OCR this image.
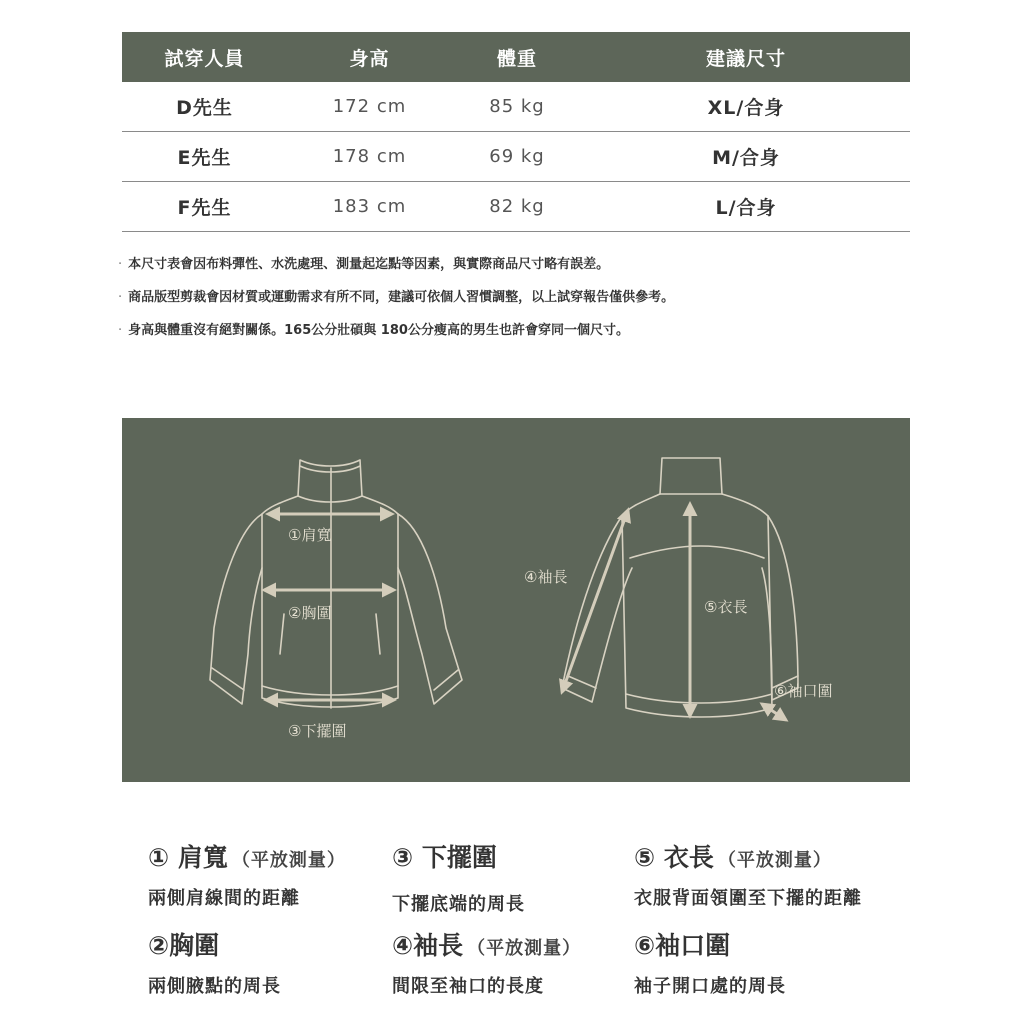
試穿人員	身高	體重	建議尺寸
D先生	172 cm	85 kg	XL/合身
E先生	178 cm	69 kg	M/合身
F先生	183 cm	82 kg	L/合身
· 本尺寸表會因布料彈性、水洗處理、測量起迄點等因素，與實際商品尺寸略有誤差。
· 商品版型剪裁會因材質或運動需求有所不同，建議可依個人習慣調整，以上試穿報告僅供參考。
· 身高與體重沒有絕對關係。165公分壯碩與 180公分瘦高的男生也許會穿同一個尺寸。
①肩寬
②胸圍
③下擺圍
④袖長
⑤衣長
⑥袖口圍
① 肩寬 （平放測量）
兩側肩線間的距離
③ 下擺圍
下擺底端的周長
⑤ 衣長 （平放測量）
衣服背面領圍至下擺的距離
②胸圍
兩側腋點的周長
④袖長 （平放測量）
間限至袖口的長度
⑥袖口圍
袖子開口處的周長
